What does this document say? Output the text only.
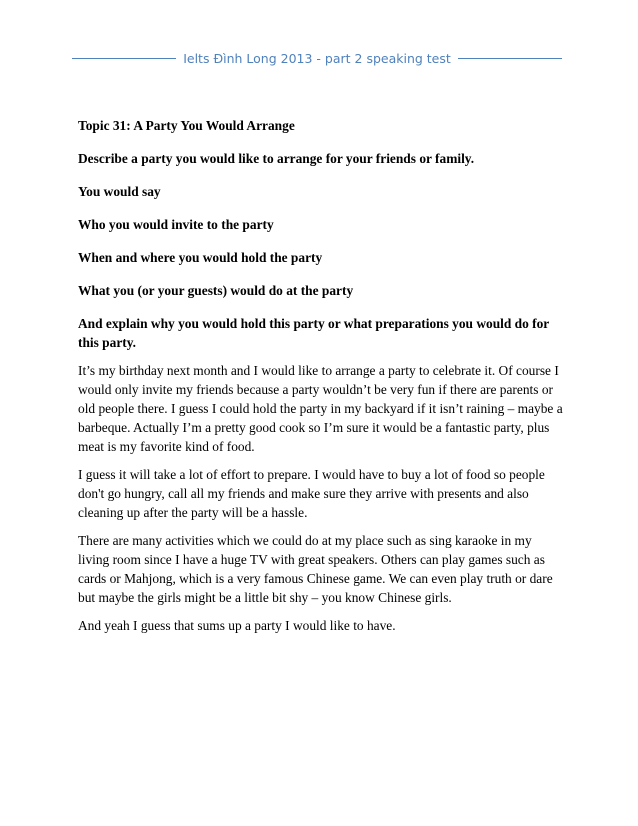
Ielts Đình Long 2013 - part 2 speaking test

Topic 31: A Party You Would Arrange

Describe a party you would like to arrange for your friends or family.

You would say

Who you would invite to the party

When and where you would hold the party

What you (or your guests) would do at the party

And explain why you would hold this party or what preparations you would do for this party.

It’s my birthday next month and I would like to arrange a party to celebrate it. Of course I would only invite my friends because a party wouldn’t be very fun if there are parents or old people there. I guess I could hold the party in my backyard if it isn’t raining – maybe a barbeque. Actually I’m a pretty good cook so I’m sure it would be a fantastic party, plus meat is my favorite kind of food.

I guess it will take a lot of effort to prepare. I would have to buy a lot of food so people don't go hungry, call all my friends and make sure they arrive with presents and also cleaning up after the party will be a hassle.

There are many activities which we could do at my place such as sing karaoke in my living room since I have a huge TV with great speakers. Others can play games such as cards or Mahjong, which is a very famous Chinese game. We can even play truth or dare but maybe the girls might be a little bit shy – you know Chinese girls.

And yeah I guess that sums up a party I would like to have.
